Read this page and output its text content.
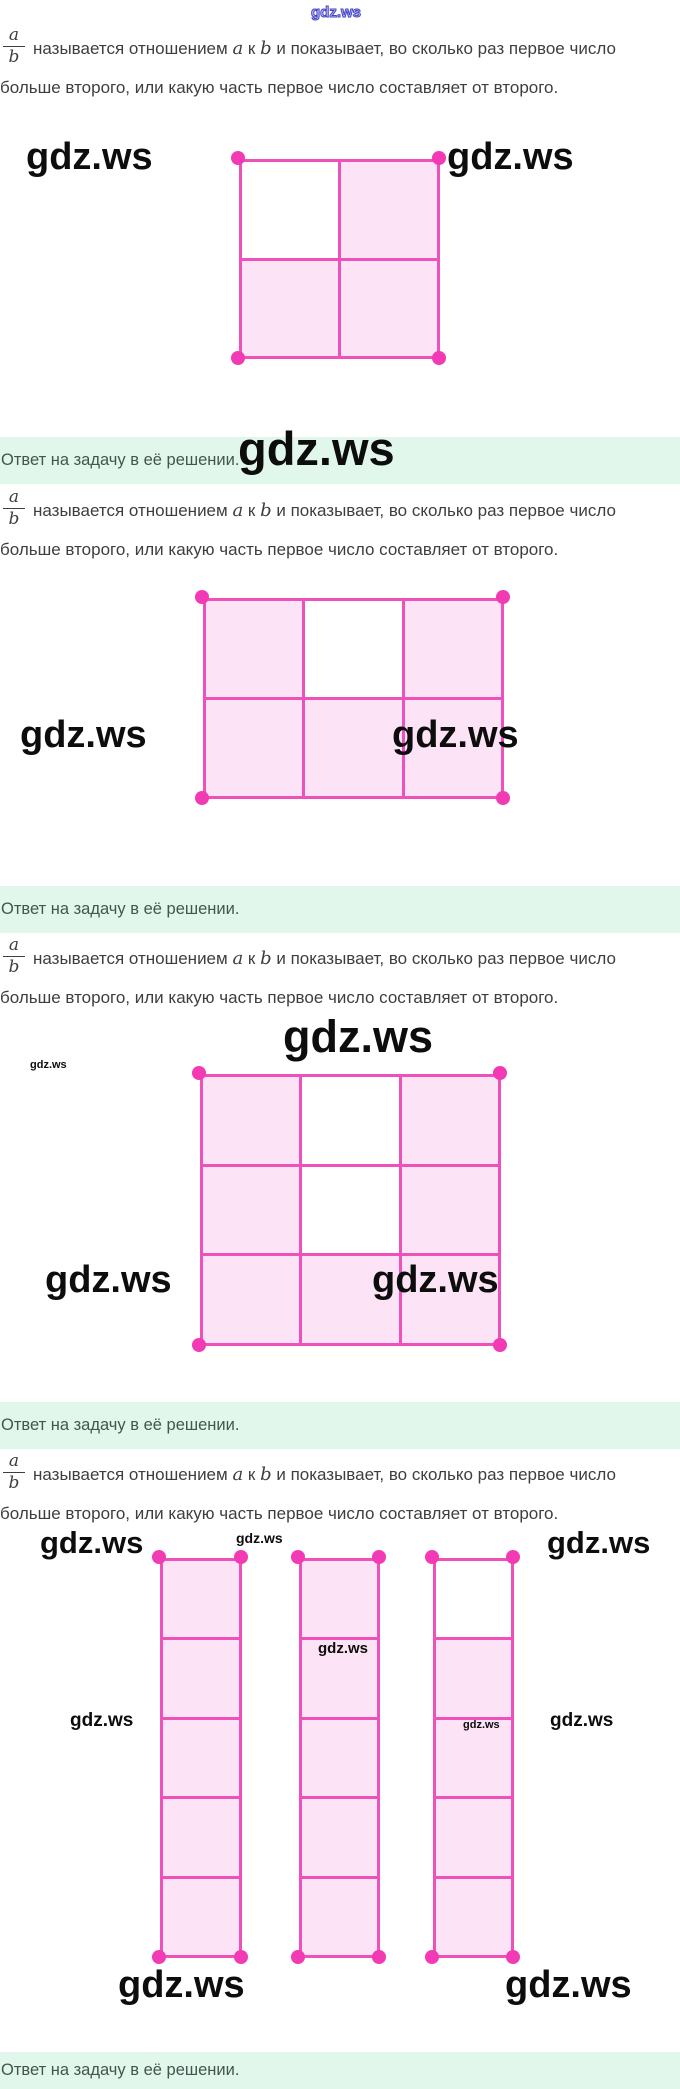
gdz.ws
a
b называется отношением a к b и показывает, во сколько раз первое число
больше второго, или какую часть первое число составляет от второго.
a
b называется отношением a к b и показывает, во сколько раз первое число
больше второго, или какую часть первое число составляет от второго.
a
b называется отношением a к b и показывает, во сколько раз первое число
больше второго, или какую часть первое число составляет от второго.
a
b называется отношением a к b и показывает, во сколько раз первое число
больше второго, или какую часть первое число составляет от второго.
Ответ на задачу в её решении.
Ответ на задачу в её решении.
Ответ на задачу в её решении.
Ответ на задачу в её решении.
gdz.ws	gdz.ws
gdz.ws
gdz.ws	gdz.ws
gdz.ws
gdz.ws
gdz.ws	gdz.ws
gdz.ws	gdz.ws	gdz.ws
gdz.ws
gdz.ws	gdz.ws	gdz.ws
gdz.ws	gdz.ws
